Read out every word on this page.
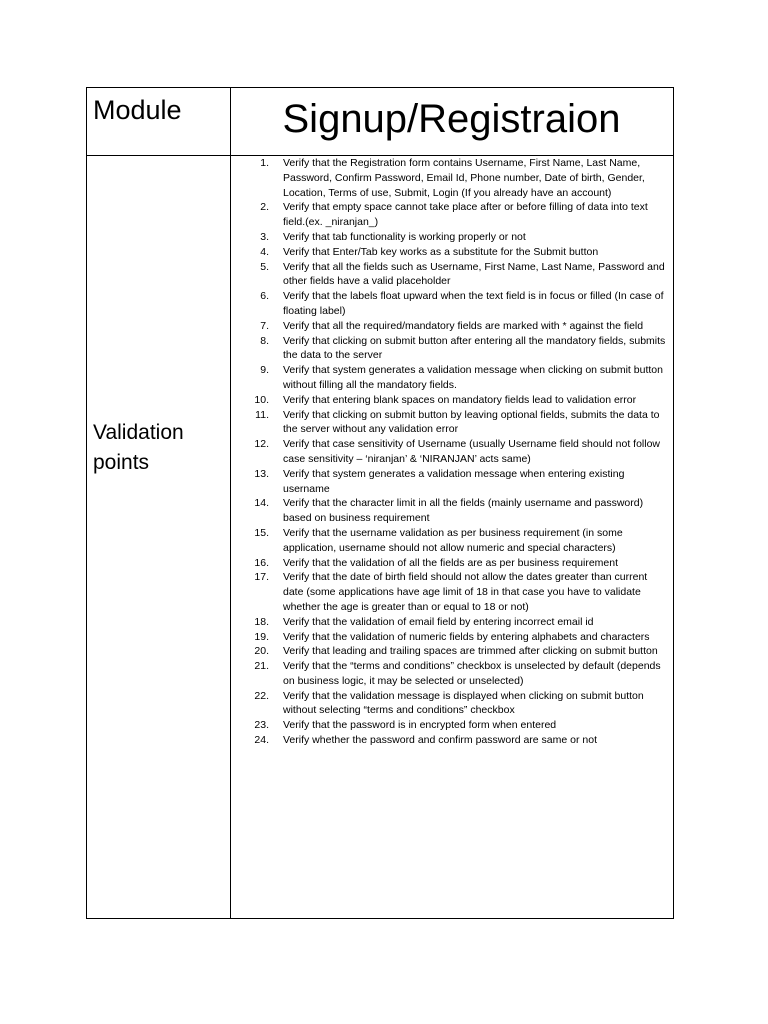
Module	Signup/Registraion
Validation
points
1. Verify that the Registration form contains Username, First Name, Last Name, Password, Confirm Password, Email Id, Phone number, Date of birth, Gender, Location, Terms of use, Submit, Login (If you already have an account)
2. Verify that empty space cannot take place after or before filling of data into text field.(ex. _niranjan_)
3. Verify that tab functionality is working properly or not
4. Verify that Enter/Tab key works as a substitute for the Submit button
5. Verify that all the fields such as Username, First Name, Last Name, Password and other fields have a valid placeholder
6. Verify that the labels float upward when the text field is in focus or filled (In case of floating label)
7. Verify that all the required/mandatory fields are marked with * against the field
8. Verify that clicking on submit button after entering all the mandatory fields, submits the data to the server
9. Verify that system generates a validation message when clicking on submit button without filling all the mandatory fields.
10. Verify that entering blank spaces on mandatory fields lead to validation error
11. Verify that clicking on submit button by leaving optional fields, submits the data to the server without any validation error
12. Verify that case sensitivity of Username (usually Username field should not follow case sensitivity – ‘niranjan’ & ‘NIRANJAN’ acts same)
13. Verify that system generates a validation message when entering existing username
14. Verify that the character limit in all the fields (mainly username and password) based on business requirement
15. Verify that the username validation as per business requirement (in some application, username should not allow numeric and special characters)
16. Verify that the validation of all the fields are as per business requirement
17. Verify that the date of birth field should not allow the dates greater than current date (some applications have age limit of 18 in that case you have to validate whether the age is greater than or equal to 18 or not)
18. Verify that the validation of email field by entering incorrect email id
19. Verify that the validation of numeric fields by entering alphabets and characters
20. Verify that leading and trailing spaces are trimmed after clicking on submit button
21. Verify that the “terms and conditions” checkbox is unselected by default (depends on business logic, it may be selected or unselected)
22. Verify that the validation message is displayed when clicking on submit button without selecting “terms and conditions” checkbox
23. Verify that the password is in encrypted form when entered
24. Verify whether the password and confirm password are same or not
